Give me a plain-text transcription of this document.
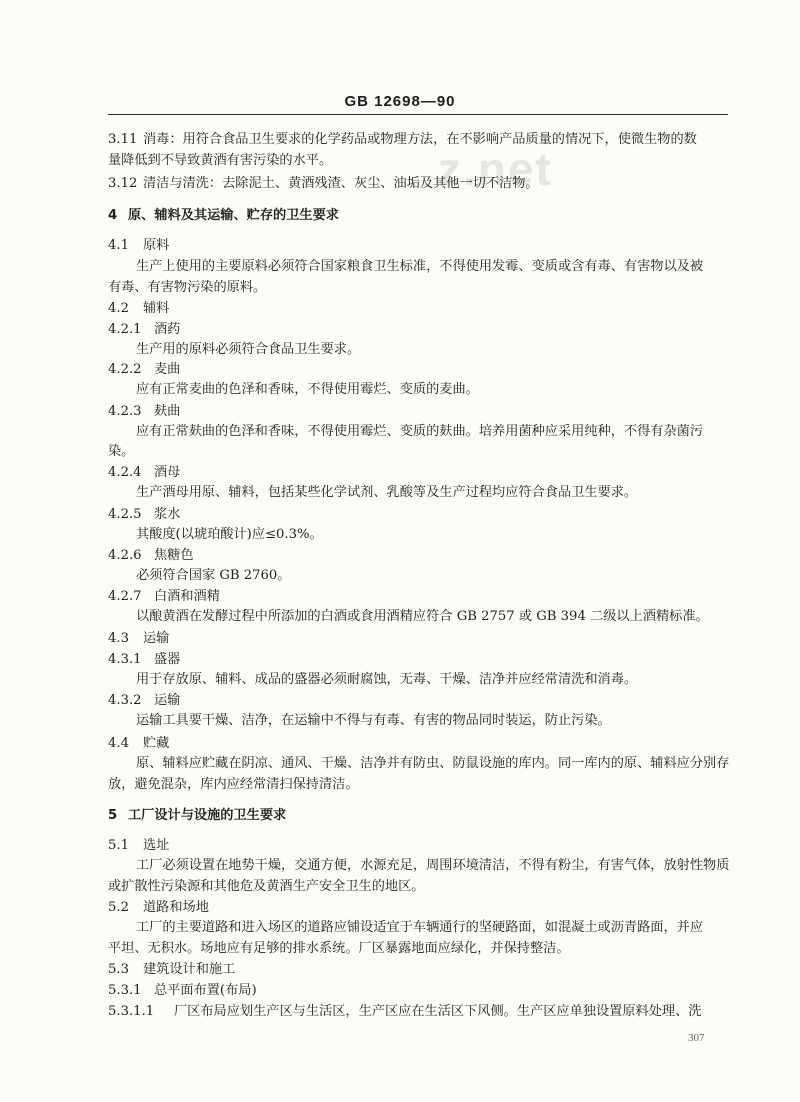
GB 12698—90
z.net
3.11 消毒：用符合食品卫生要求的化学药品或物理方法，在不影响产品质量的情况下，使微生物的数
量降低到不导致黄酒有害污染的水平。
3.12 清洁与清洗：去除泥土、黄酒残渣、灰尘、油垢及其他一切不洁物。
4 原、辅料及其运输、贮存的卫生要求
4.1 原料
生产上使用的主要原料必须符合国家粮食卫生标准，不得使用发霉、变质或含有毒、有害物以及被
有毒、有害物污染的原料。
4.2 辅料
4.2.1 酒药
生产用的原料必须符合食品卫生要求。
4.2.2 麦曲
应有正常麦曲的色泽和香味，不得使用霉烂、变质的麦曲。
4.2.3 麸曲
应有正常麸曲的色泽和香味，不得使用霉烂、变质的麸曲。培养用菌种应采用纯种，不得有杂菌污
染。
4.2.4 酒母
生产酒母用原、辅料，包括某些化学试剂、乳酸等及生产过程均应符合食品卫生要求。
4.2.5 浆水
其酸度(以琥珀酸计)应≤0.3%。
4.2.6 焦糖色
必须符合国家 GB 2760。
4.2.7 白酒和酒精
以酿黄酒在发酵过程中所添加的白酒或食用酒精应符合 GB 2757 或 GB 394 二级以上酒精标准。
4.3 运输
4.3.1 盛器
用于存放原、辅料、成品的盛器必须耐腐蚀，无毒、干燥、洁净并应经常清洗和消毒。
4.3.2 运输
运输工具要干燥、洁净，在运输中不得与有毒、有害的物品同时装运，防止污染。
4.4 贮藏
原、辅料应贮藏在阴凉、通风、干燥、洁净并有防虫、防鼠设施的库内。同一库内的原、辅料应分别存
放，避免混杂，库内应经常清扫保持清洁。
5 工厂设计与设施的卫生要求
5.1 选址
工厂必须设置在地势干燥，交通方便，水源充足，周围环境清洁，不得有粉尘，有害气体，放射性物质
或扩散性污染源和其他危及黄酒生产安全卫生的地区。
5.2 道路和场地
工厂的主要道路和进入场区的道路应铺设适宜于车辆通行的坚硬路面，如混凝土或沥青路面，并应
平坦、无积水。场地应有足够的排水系统。厂区暴露地面应绿化，并保持整洁。
5.3 建筑设计和施工
5.3.1 总平面布置(布局)
5.3.1.1 厂区布局应划生产区与生活区，生产区应在生活区下风侧。生产区应单独设置原料处理、洗
307
